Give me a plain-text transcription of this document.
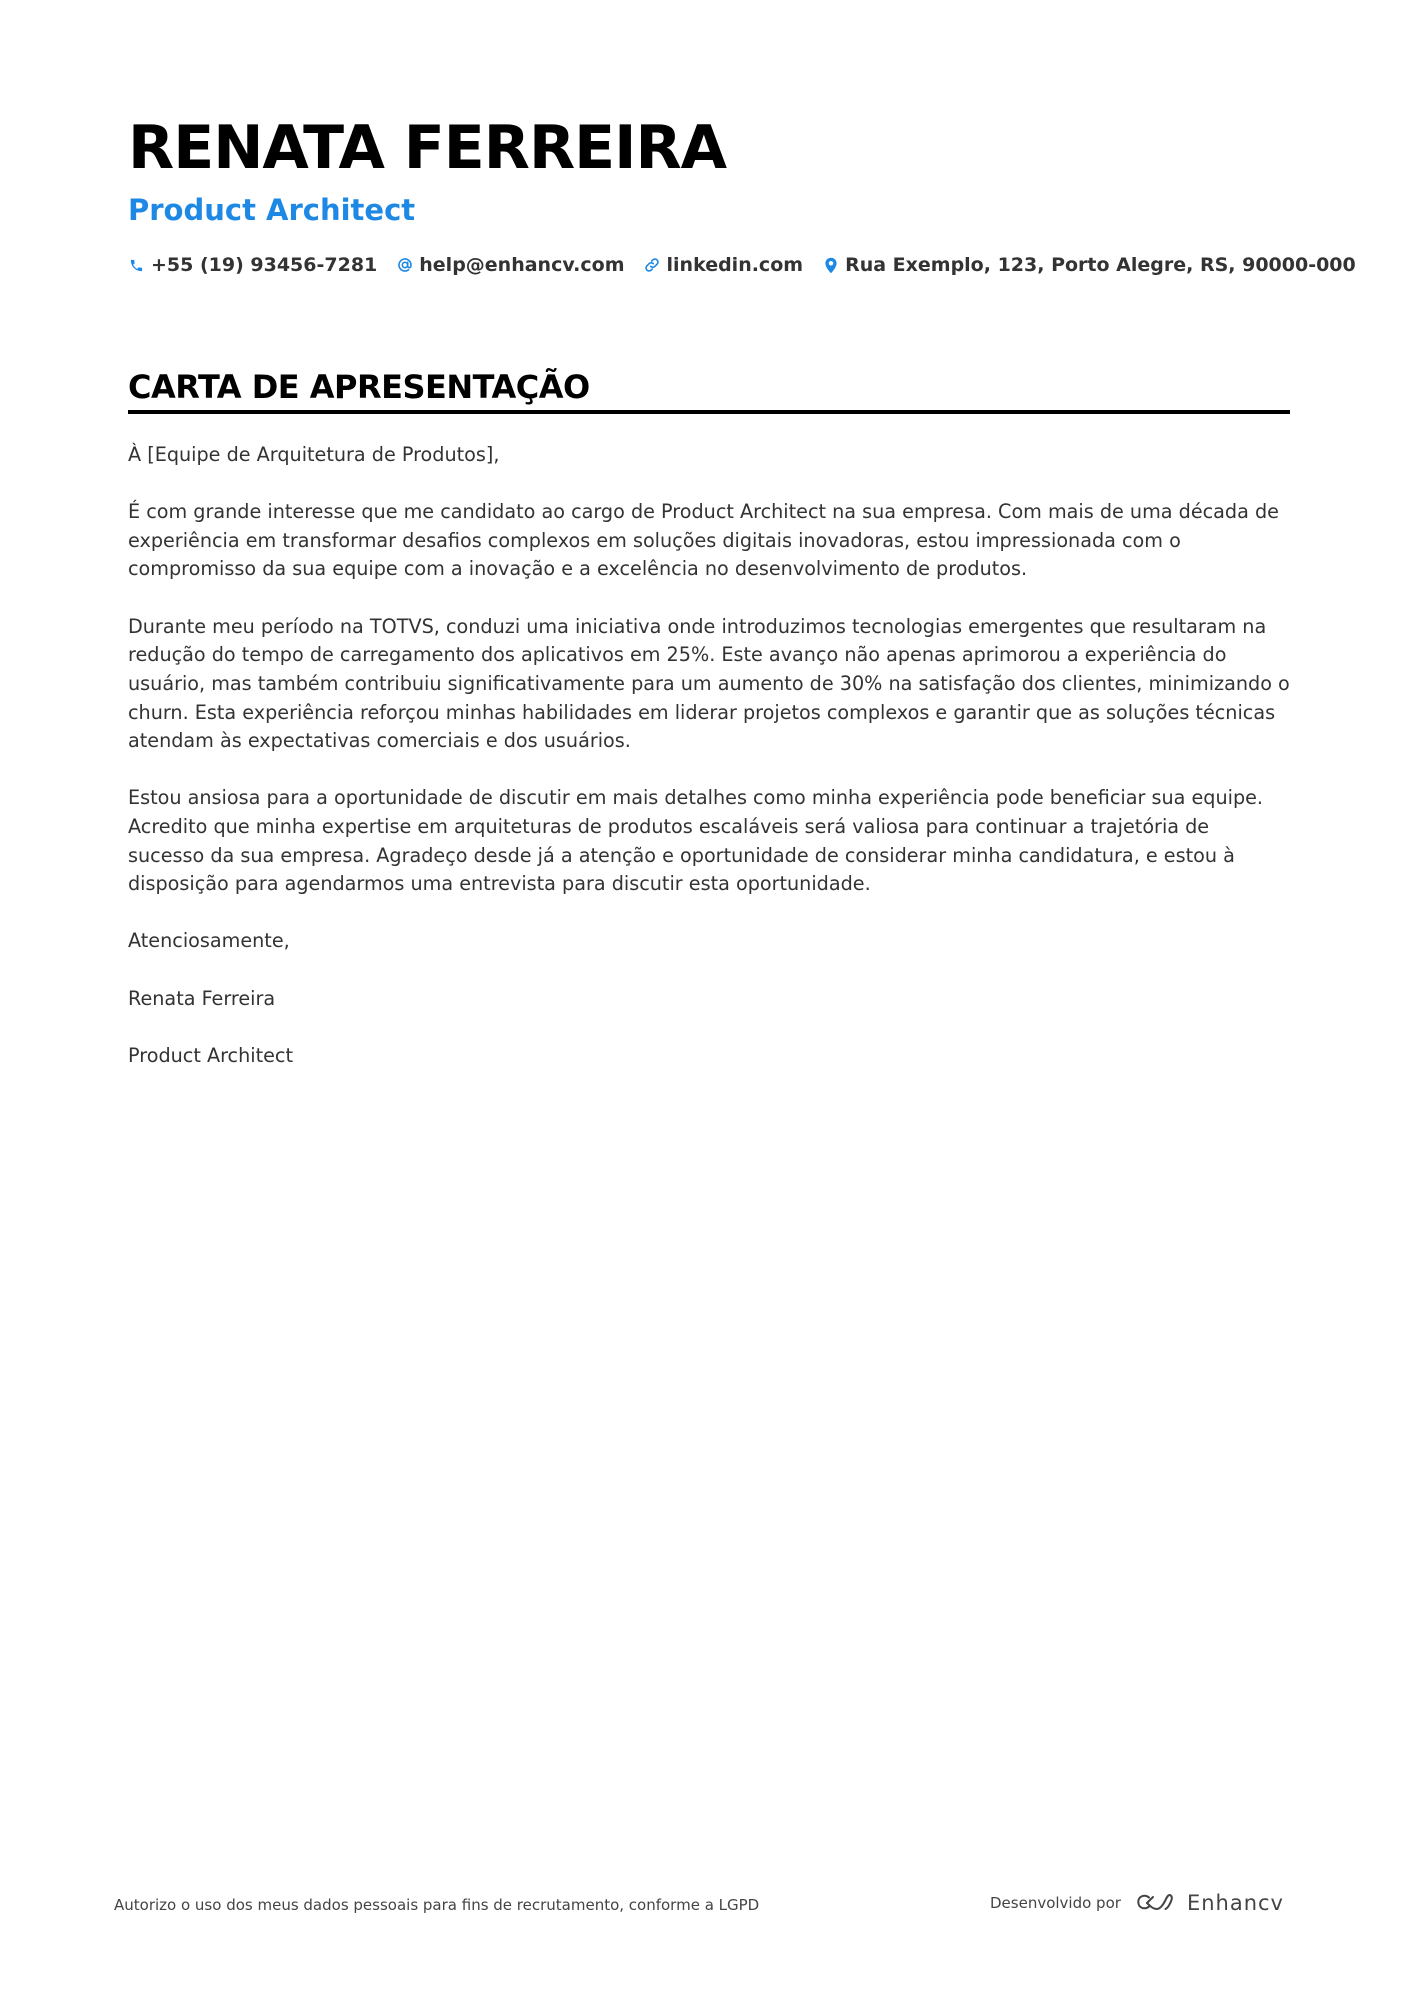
RENATA FERREIRA
Product Architect
+55 (19) 93456-7281 help@enhancv.com linkedin.com Rua Exemplo, 123, Porto Alegre, RS, 90000-000
CARTA DE APRESENTAÇÃO

À [Equipe de Arquitetura de Produtos],

É com grande interesse que me candidato ao cargo de Product Architect na sua empresa. Com mais de uma década de experiência em transformar desafios complexos em soluções digitais inovadoras, estou impressionada com o compromisso da sua equipe com a inovação e a excelência no desenvolvimento de produtos.

Durante meu período na TOTVS, conduzi uma iniciativa onde introduzimos tecnologias emergentes que resultaram na redução do tempo de carregamento dos aplicativos em 25%. Este avanço não apenas aprimorou a experiência do usuário, mas também contribuiu significativamente para um aumento de 30% na satisfação dos clientes, minimizando o churn. Esta experiência reforçou minhas habilidades em liderar projetos complexos e garantir que as soluções técnicas atendam às expectativas comerciais e dos usuários.

Estou ansiosa para a oportunidade de discutir em mais detalhes como minha experiência pode beneficiar sua equipe. Acredito que minha expertise em arquiteturas de produtos escaláveis será valiosa para continuar a trajetória de sucesso da sua empresa. Agradeço desde já a atenção e oportunidade de considerar minha candidatura, e estou à disposição para agendarmos uma entrevista para discutir esta oportunidade.

Atenciosamente,

Renata Ferreira

Product Architect

Autorizo o uso dos meus dados pessoais para fins de recrutamento, conforme a LGPD	Desenvolvido por	Enhancv
